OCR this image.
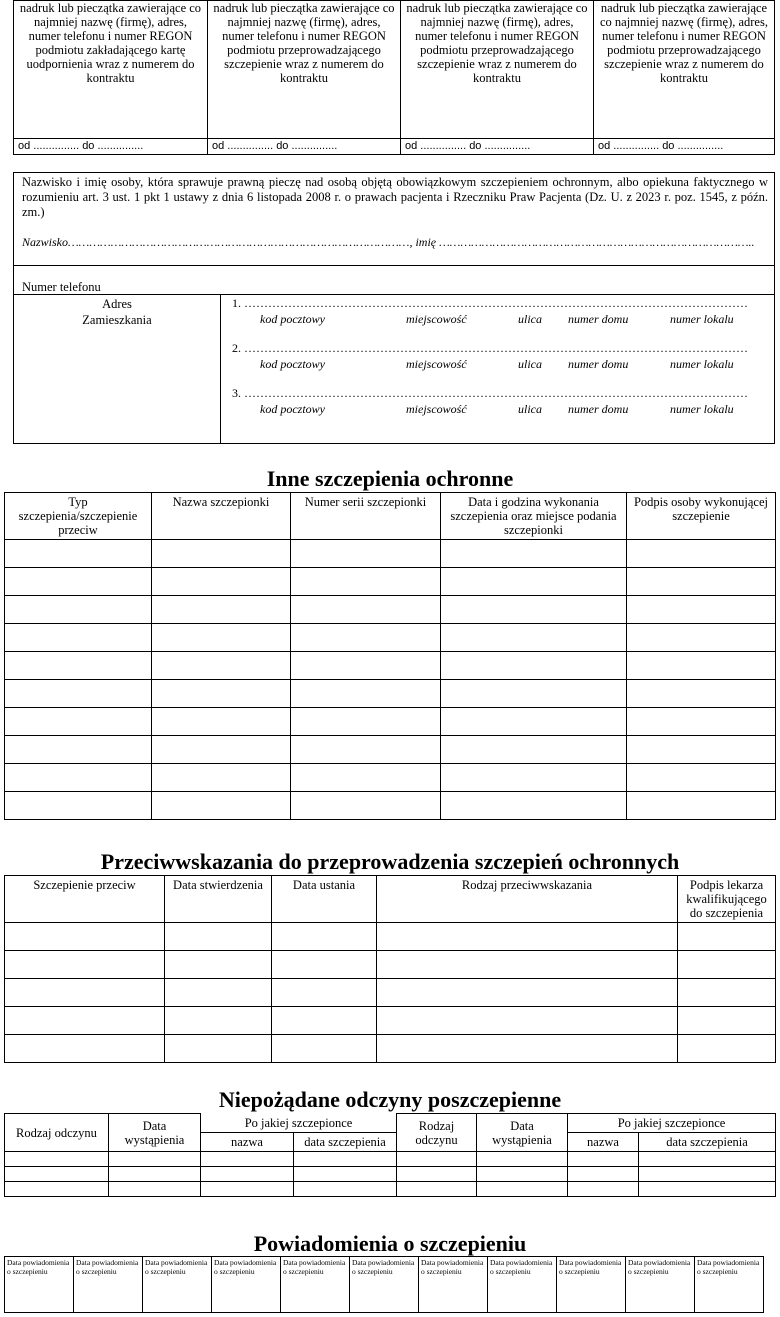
nadruk lub pieczątka zawierające co najmniej nazwę (firmę), adres, numer telefonu i numer REGON podmiotu zakładającego kartę uodpornienia wraz z numerem do kontraktu	nadruk lub pieczątka zawierające co najmniej nazwę (firmę), adres, numer telefonu i numer REGON podmiotu przeprowadzającego szczepienie wraz z numerem do kontraktu	nadruk lub pieczątka zawierające co najmniej nazwę (firmę), adres, numer telefonu i numer REGON podmiotu przeprowadzającego szczepienie wraz z numerem do kontraktu	nadruk lub pieczątka zawierające co najmniej nazwę (firmę), adres, numer telefonu i numer REGON podmiotu przeprowadzającego szczepienie wraz z numerem do kontraktu
od ............... do ...............	od ............... do ...............	od ............... do ...............	od ............... do ...............
Nazwisko i imię osoby, która sprawuje prawną pieczę nad osobą objętą obowiązkowym szczepieniem ochronnym, albo opiekuna faktycznego w rozumieniu art. 3 ust. 1 pkt 1 ustawy z dnia 6 listopada 2008 r. o prawach pacjenta i Rzeczniku Praw Pacjenta (Dz. U. z 2023 r. poz. 1545, z późn. zm.)
Nazwisko……………………………………………………………………………………, imię ……………………………………………………………………………..
Numer telefonu
Adres
Zamieszkania
1. ………………………………………………………………………………………………………………
kod pocztowy	miejscowość	ulica numer domu	numer lokalu
2. ………………………………………………………………………………………………………………
kod pocztowy	miejscowość	ulica numer domu	numer lokalu
3. ………………………………………………………………………………………………………………
kod pocztowy	miejscowość	ulica numer domu	numer lokalu
Inne szczepienia ochronne
Typ szczepienia/szczepienie przeciw	Nazwa szczepionki	Numer serii szczepionki	Data i godzina wykonania szczepienia oraz miejsce podania szczepionki	Podpis osoby wykonującej szczepienie

Przeciwwskazania do przeprowadzenia szczepień ochronnych
Szczepienie przeciw	Data stwierdzenia	Data ustania	Rodzaj przeciwwskazania	Podpis lekarza kwalifikującego do szczepienia

Niepożądane odczyny poszczepienne
Rodzaj odczynu	Data wystąpienia	Po jakiej szczepionce		Rodzaj odczynu	Data wystąpienia	Po jakiej szczepionce	
		nazwa	data szczepienia			nazwa	data szczepienia

Powiadomienia o szczepieniu
Data powiadomienia o szczepieniu	Data powiadomienia o szczepieniu	Data powiadomienia o szczepieniu	Data powiadomienia o szczepieniu	Data powiadomienia o szczepieniu	Data powiadomienia o szczepieniu	Data powiadomienia o szczepieniu	Data powiadomienia o szczepieniu	Data powiadomienia o szczepieniu	Data powiadomienia o szczepieniu	Data powiadomienia o szczepieniu
